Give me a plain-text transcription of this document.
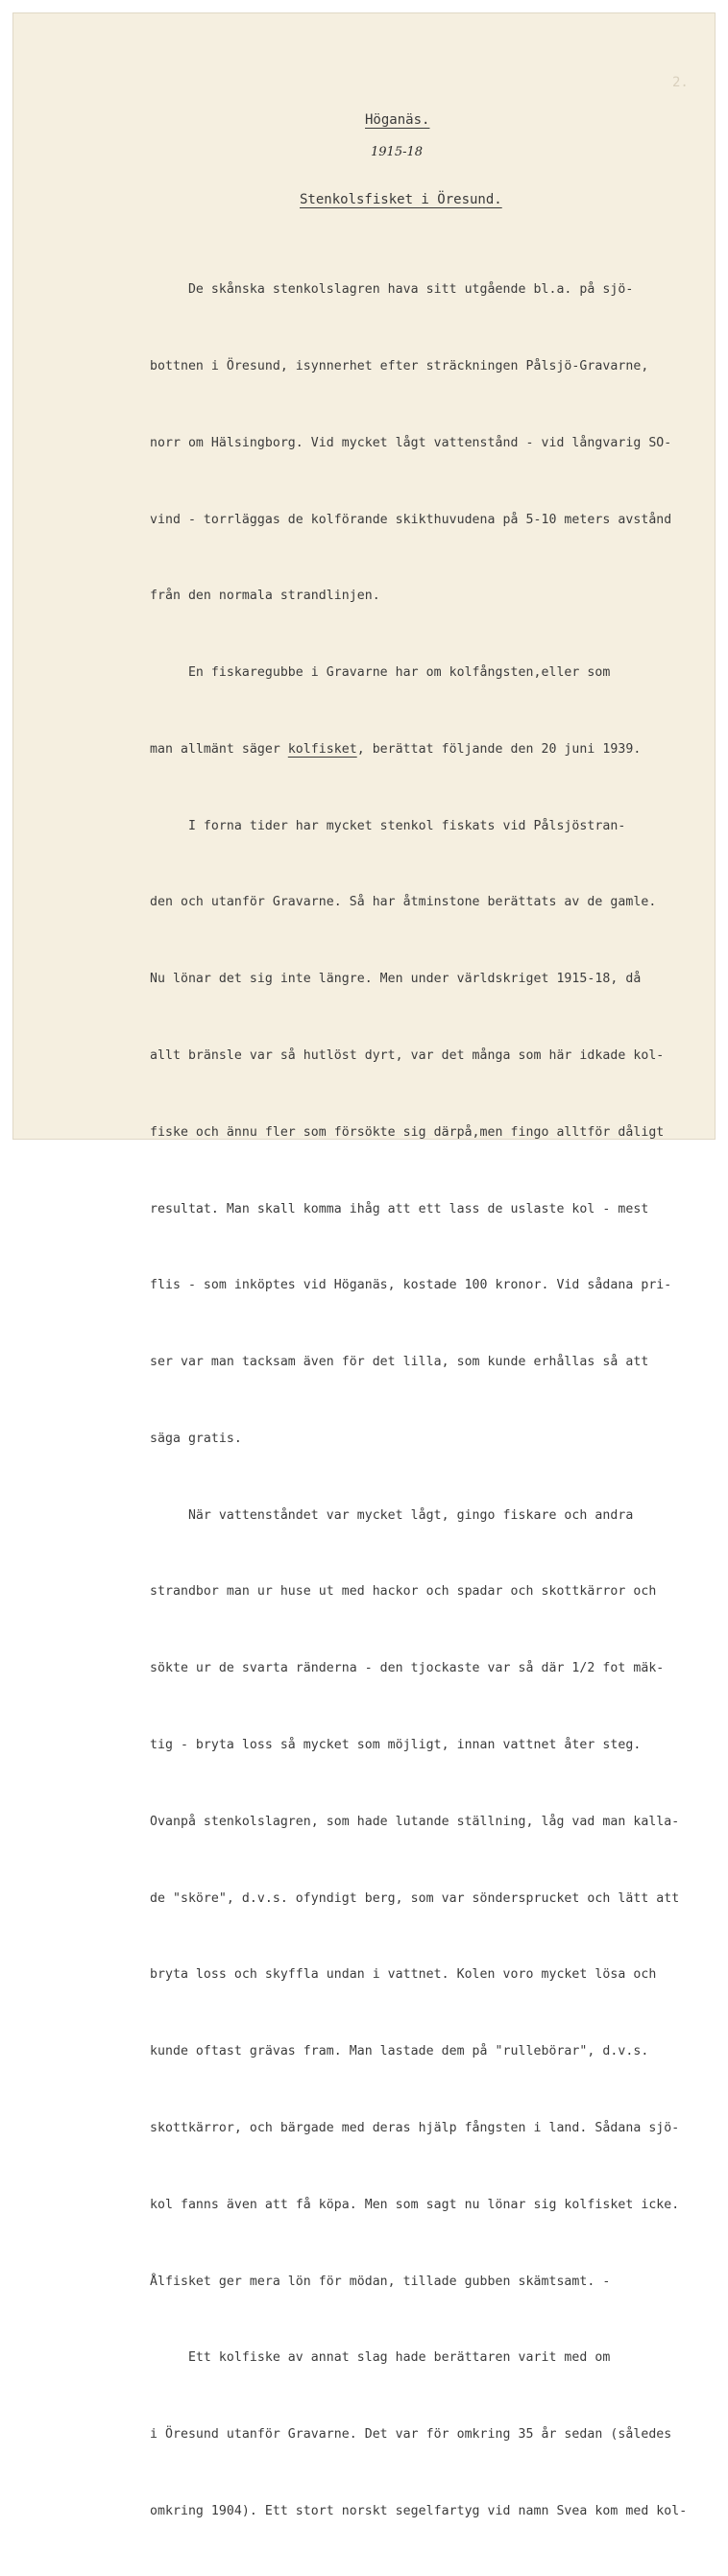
2.
Höganäs.
1915-18
Stenkolsfisket i Öresund.

De skånska stenkolslagren hava sitt utgående bl.a. på sjö-

bottnen i Öresund, isynnerhet efter sträckningen Pålsjö-Gravarne,

norr om Hälsingborg. Vid mycket lågt vattenstånd - vid långvarig SO-

vind - torrläggas de kolförande skikthuvudena på 5-10 meters avstånd

från den normala strandlinjen.

En fiskaregubbe i Gravarne har om kolfångsten,eller som

man allmänt säger kolfisket, berättat följande den 20 juni 1939.

I forna tider har mycket stenkol fiskats vid Pålsjöstran-

den och utanför Gravarne. Så har åtminstone berättats av de gamle.

Nu lönar det sig inte längre. Men under världskriget 1915-18, då

allt bränsle var så hutlöst dyrt, var det många som här idkade kol-

fiske och ännu fler som försökte sig därpå,men fingo alltför dåligt

resultat. Man skall komma ihåg att ett lass de uslaste kol - mest

flis - som inköptes vid Höganäs, kostade 100 kronor. Vid sådana pri-

ser var man tacksam även för det lilla, som kunde erhållas så att

säga gratis.

När vattenståndet var mycket lågt, gingo fiskare och andra

strandbor man ur huse ut med hackor och spadar och skottkärror och

sökte ur de svarta ränderna - den tjockaste var så där 1/2 fot mäk-

tig - bryta loss så mycket som möjligt, innan vattnet åter steg.

Ovanpå stenkolslagren, som hade lutande ställning, låg vad man kalla-

de "sköre", d.v.s. ofyndigt berg, som var söndersprucket och lätt att

bryta loss och skyffla undan i vattnet. Kolen voro mycket lösa och

kunde oftast grävas fram. Man lastade dem på "rullebörar", d.v.s.

skottkärror, och bärgade med deras hjälp fångsten i land. Sådana sjö-

kol fanns även att få köpa. Men som sagt nu lönar sig kolfisket icke.

Ålfisket ger mera lön för mödan, tillade gubben skämtsamt. -

Ett kolfiske av annat slag hade berättaren varit med om

i Öresund utanför Gravarne. Det var för omkring 35 år sedan (således

omkring 1904). Ett stort norskt segelfartyg vid namn Svea kom med kol-
